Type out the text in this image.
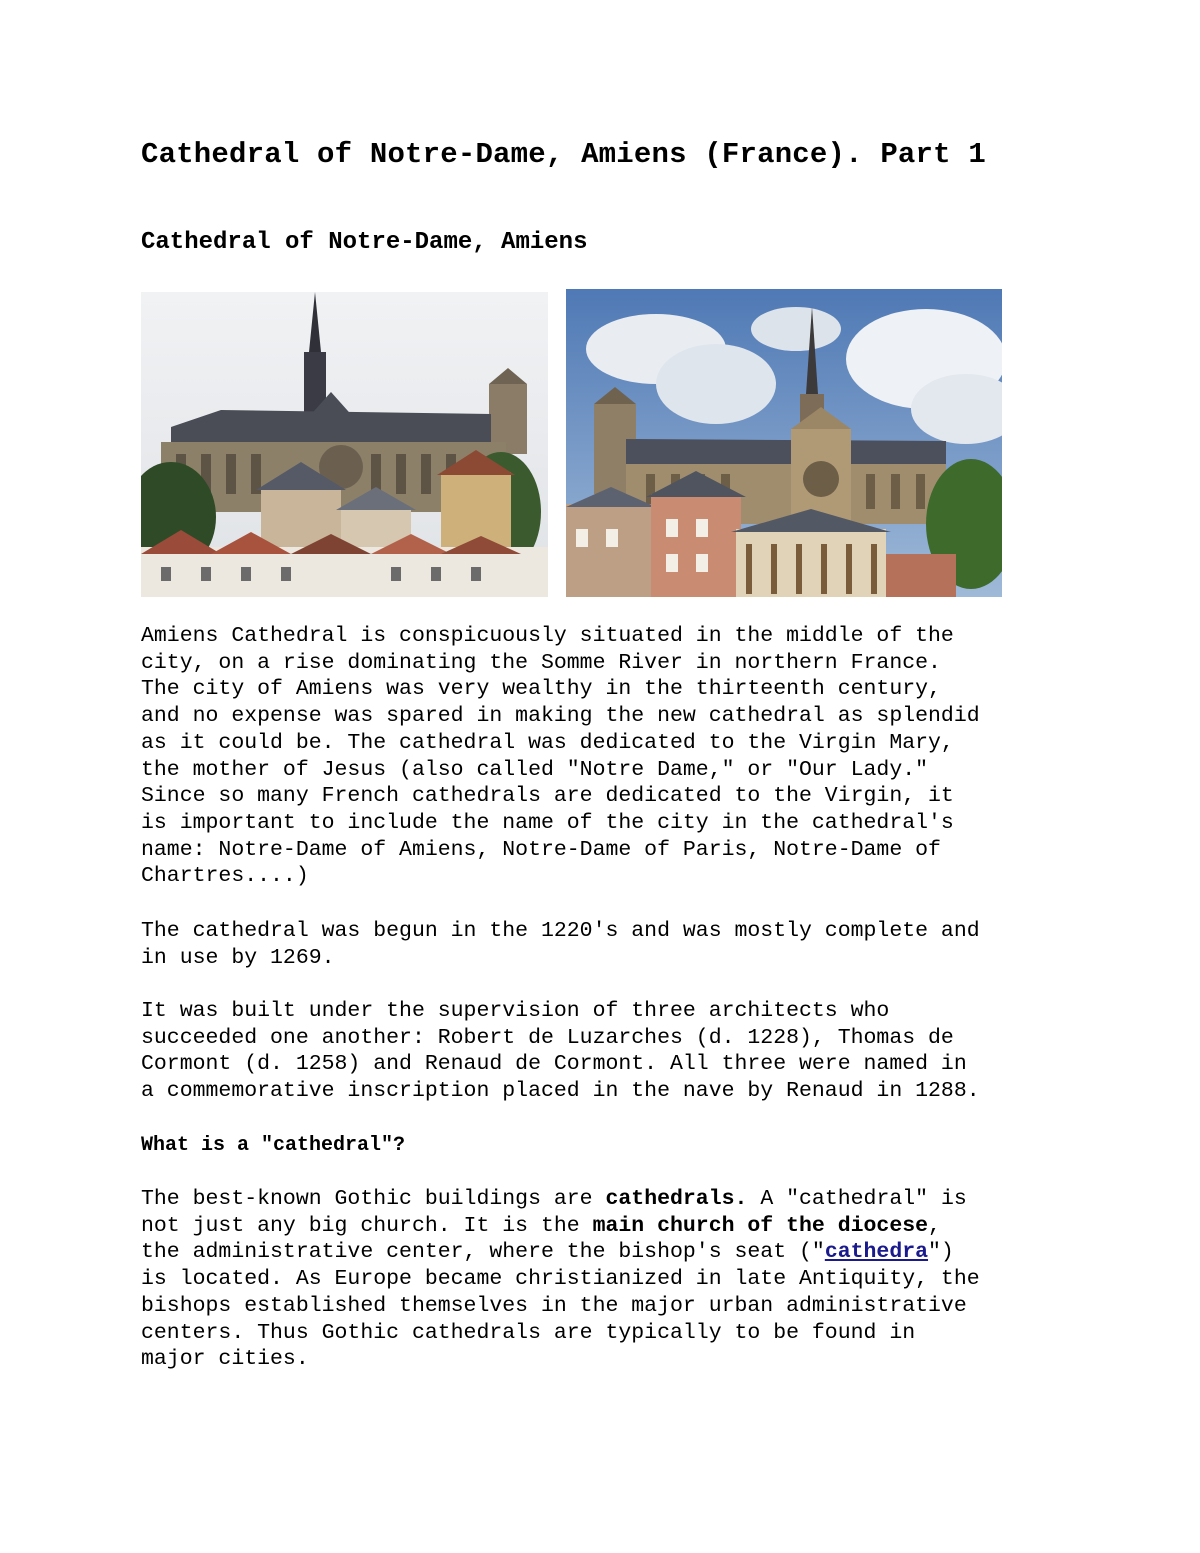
Cathedral of Notre-Dame, Amiens (France). Part 1
Cathedral of Notre-Dame, Amiens

Amiens Cathedral is conspicuously situated in the middle of the
city, on a rise dominating the Somme River in northern France.
The city of Amiens was very wealthy in the thirteenth century,
and no expense was spared in making the new cathedral as splendid
as it could be. The cathedral was dedicated to the Virgin Mary,
the mother of Jesus (also called "Notre Dame," or "Our Lady."
Since so many French cathedrals are dedicated to the Virgin, it
is important to include the name of the city in the cathedral's
name: Notre-Dame of Amiens, Notre-Dame of Paris, Notre-Dame of
Chartres....)

The cathedral was begun in the 1220's and was mostly complete and
in use by 1269.

It was built under the supervision of three architects who
succeeded one another: Robert de Luzarches (d. 1228), Thomas de
Cormont (d. 1258) and Renaud de Cormont. All three were named in
a commemorative inscription placed in the nave by Renaud in 1288.

What is a "cathedral"?

The best-known Gothic buildings are cathedrals. A "cathedral" is
not just any big church. It is the main church of the diocese,
the administrative center, where the bishop's seat ("cathedra")
is located. As Europe became christianized in late Antiquity, the
bishops established themselves in the major urban administrative
centers. Thus Gothic cathedrals are typically to be found in
major cities.
